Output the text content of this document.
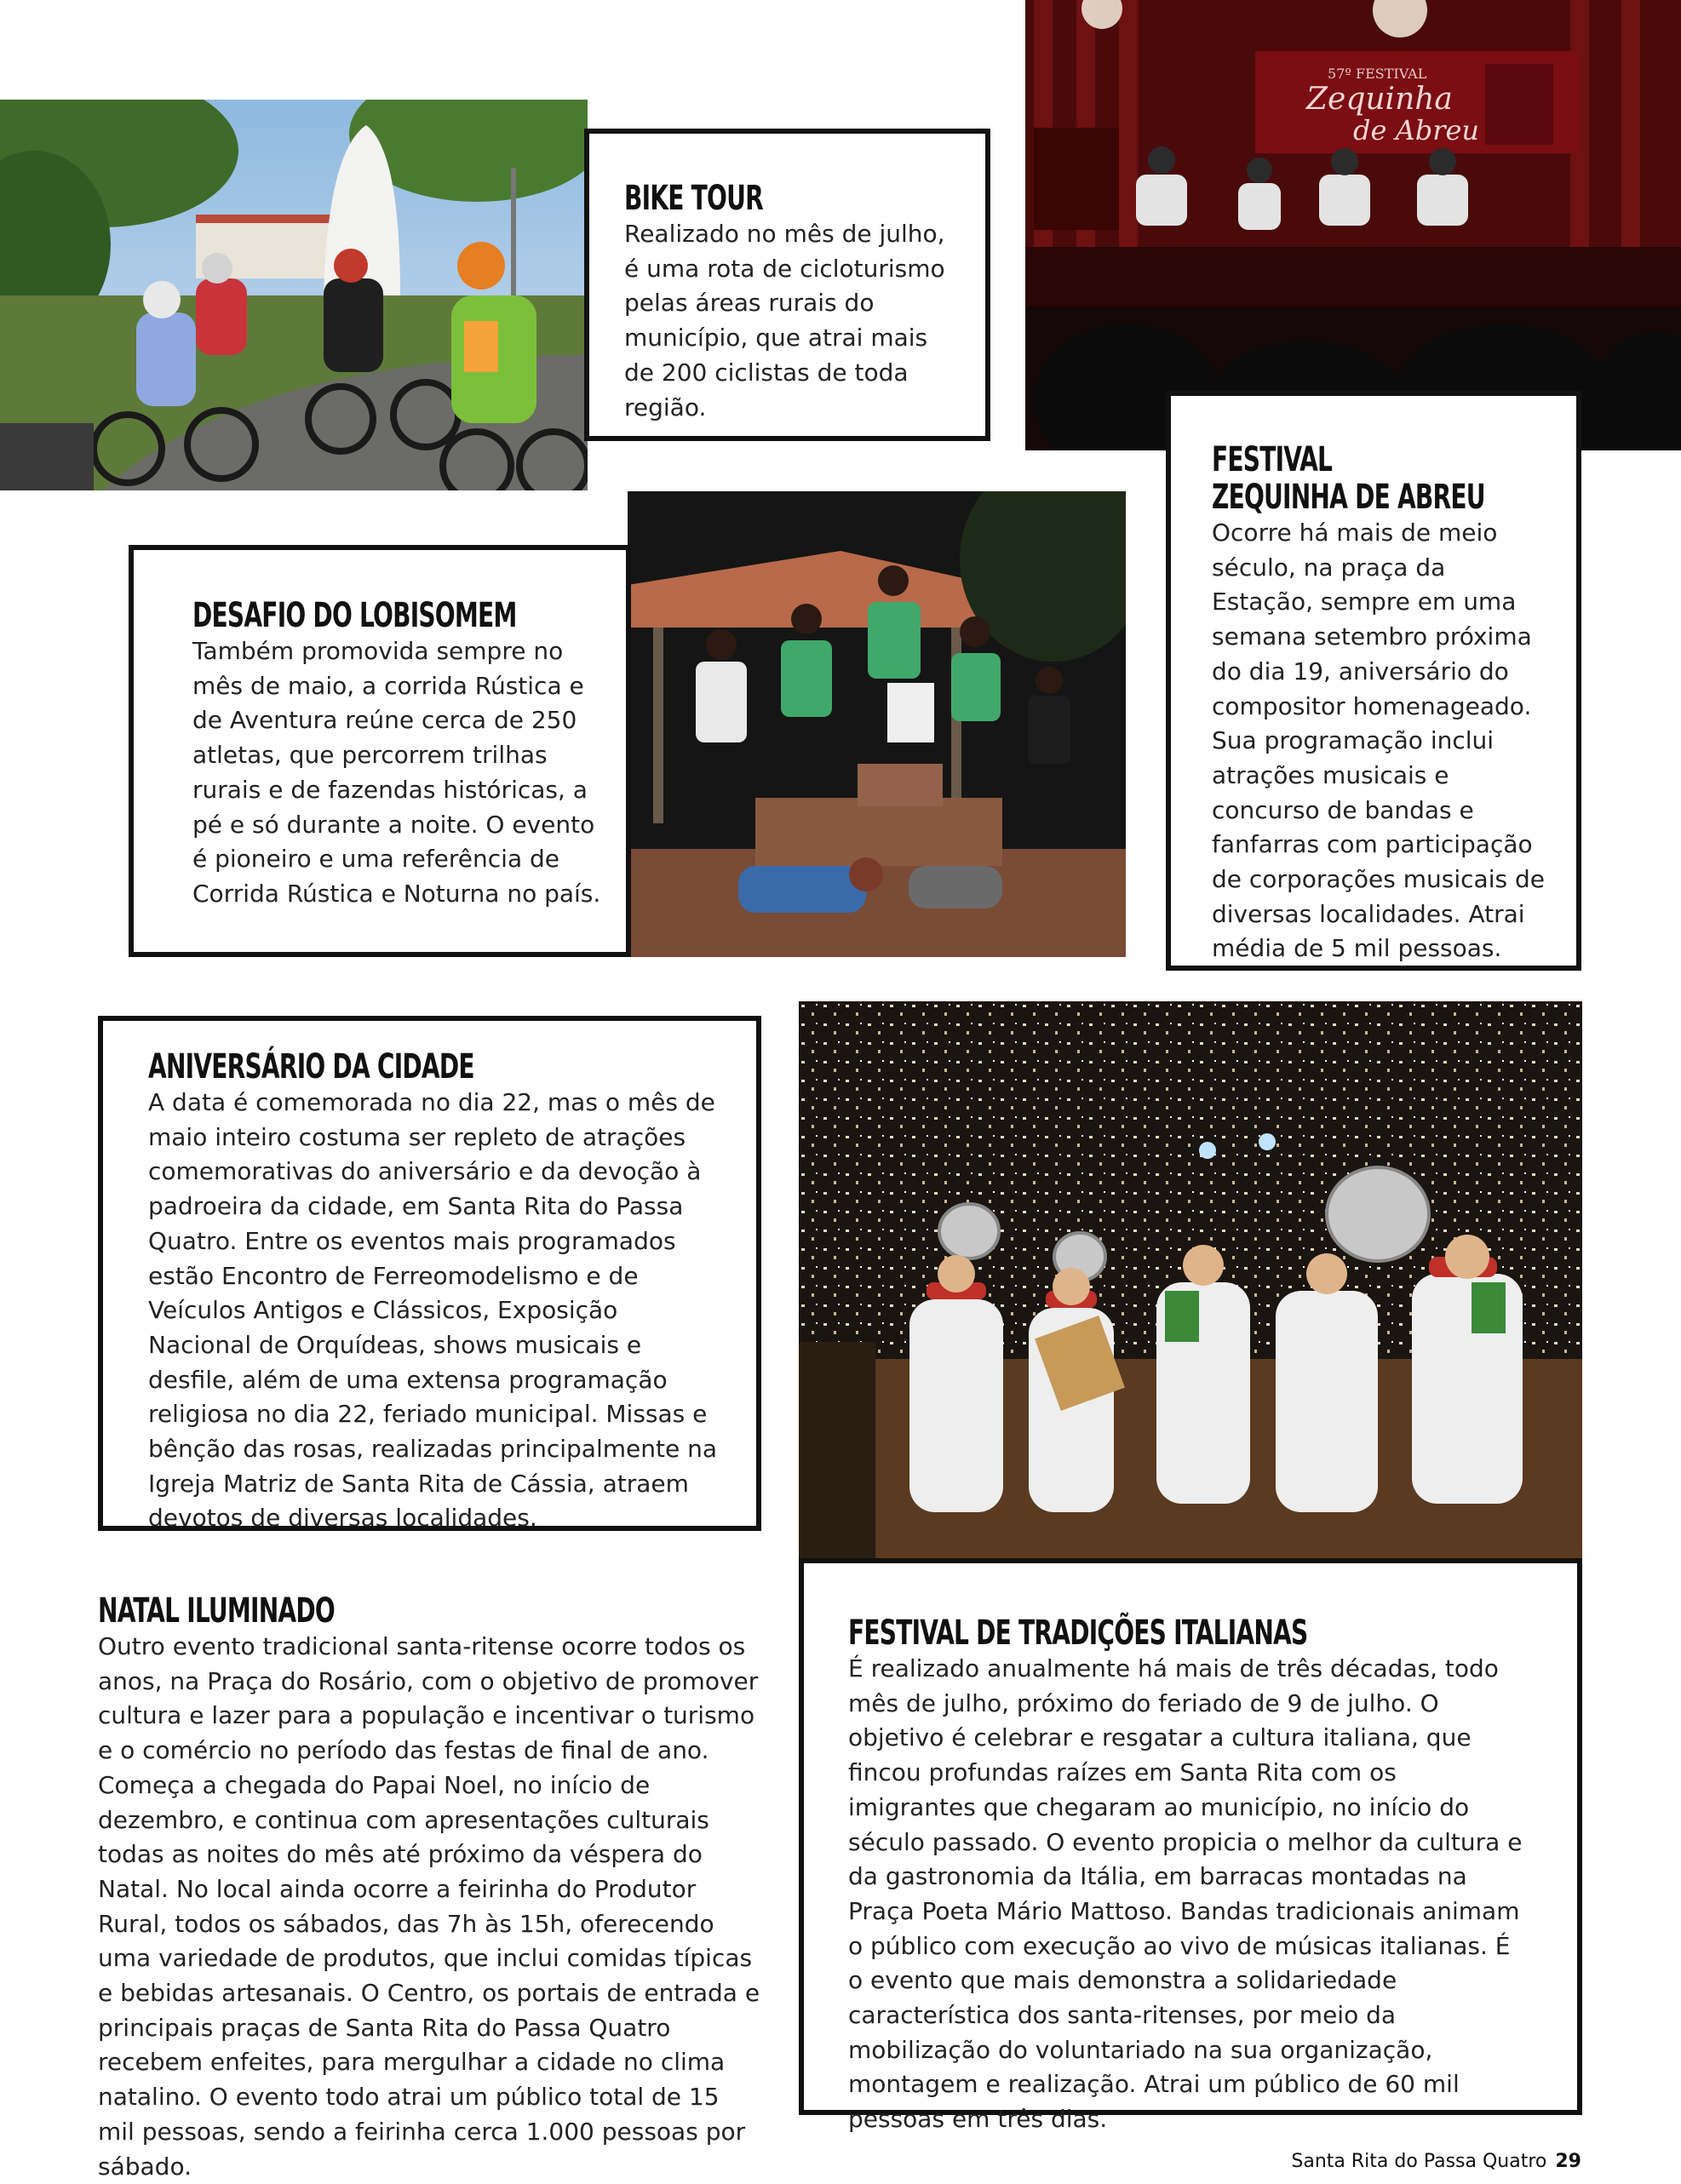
57º FESTIVAL
Zequinha
de Abreu
BIKE TOUR

Realizado no mês de julho, é uma rota de cicloturismo pelas áreas rurais do município, que atrai mais de 200 ciclistas de toda região.

FESTIVAL
ZEQUINHA DE ABREU

Ocorre há mais de meio século, na praça da Estação, sempre em uma semana setembro próxima do dia 19, aniversário do compositor homenageado. Sua programação inclui atrações musicais e concurso de bandas e fanfarras com participação de corporações musicais de diversas localidades. Atrai média de 5 mil pessoas.

DESAFIO DO LOBISOMEM

Também promovida sempre no mês de maio, a corrida Rústica e de Aventura reúne cerca de 250 atletas, que percorrem trilhas rurais e de fazendas históricas, a pé e só durante a noite. O evento é pioneiro e uma referência de Corrida Rústica e Noturna no país.

ANIVERSÁRIO DA CIDADE

A data é comemorada no dia 22, mas o mês de maio inteiro costuma ser repleto de atrações comemorativas do aniversário e da devoção à padroeira da cidade, em Santa Rita do Passa Quatro. Entre os eventos mais programados estão Encontro de Ferreomodelismo e de Veículos Antigos e Clássicos, Exposição Nacional de Orquídeas, shows musicais e desfile, além de uma extensa programação religiosa no dia 22, feriado municipal. Missas e bênção das rosas, realizadas principalmente na Igreja Matriz de Santa Rita de Cássia, atraem devotos de diversas localidades.

NATAL ILUMINADO

Outro evento tradicional santa-ritense ocorre todos os anos, na Praça do Rosário, com o objetivo de promover cultura e lazer para a população e incentivar o turismo e o comércio no período das festas de final de ano. Começa a chegada do Papai Noel, no início de dezembro, e continua com apresentações culturais todas as noites do mês até próximo da véspera do Natal. No local ainda ocorre a feirinha do Produtor Rural, todos os sábados, das 7h às 15h, oferecendo uma variedade de produtos, que inclui comidas típicas e bebidas artesanais. O Centro, os portais de entrada e principais praças de Santa Rita do Passa Quatro recebem enfeites, para mergulhar a cidade no clima natalino. O evento todo atrai um público total de 15 mil pessoas, sendo a feirinha cerca 1.000 pessoas por sábado.

FESTIVAL DE TRADIÇÕES ITALIANAS

É realizado anualmente há mais de três décadas, todo mês de julho, próximo do feriado de 9 de julho. O objetivo é celebrar e resgatar a cultura italiana, que fincou profundas raízes em Santa Rita com os imigrantes que chegaram ao município, no início do século passado. O evento propicia o melhor da cultura e da gastronomia da Itália, em barracas montadas na Praça Poeta Mário Mattoso. Bandas tradicionais animam o público com execução ao vivo de músicas italianas. É o evento que mais demonstra a solidariedade característica dos santa-ritenses, por meio da mobilização do voluntariado na sua organização, montagem e realização. Atrai um público de 60 mil pessoas em três dias.

Santa Rita do Passa Quatro 29
